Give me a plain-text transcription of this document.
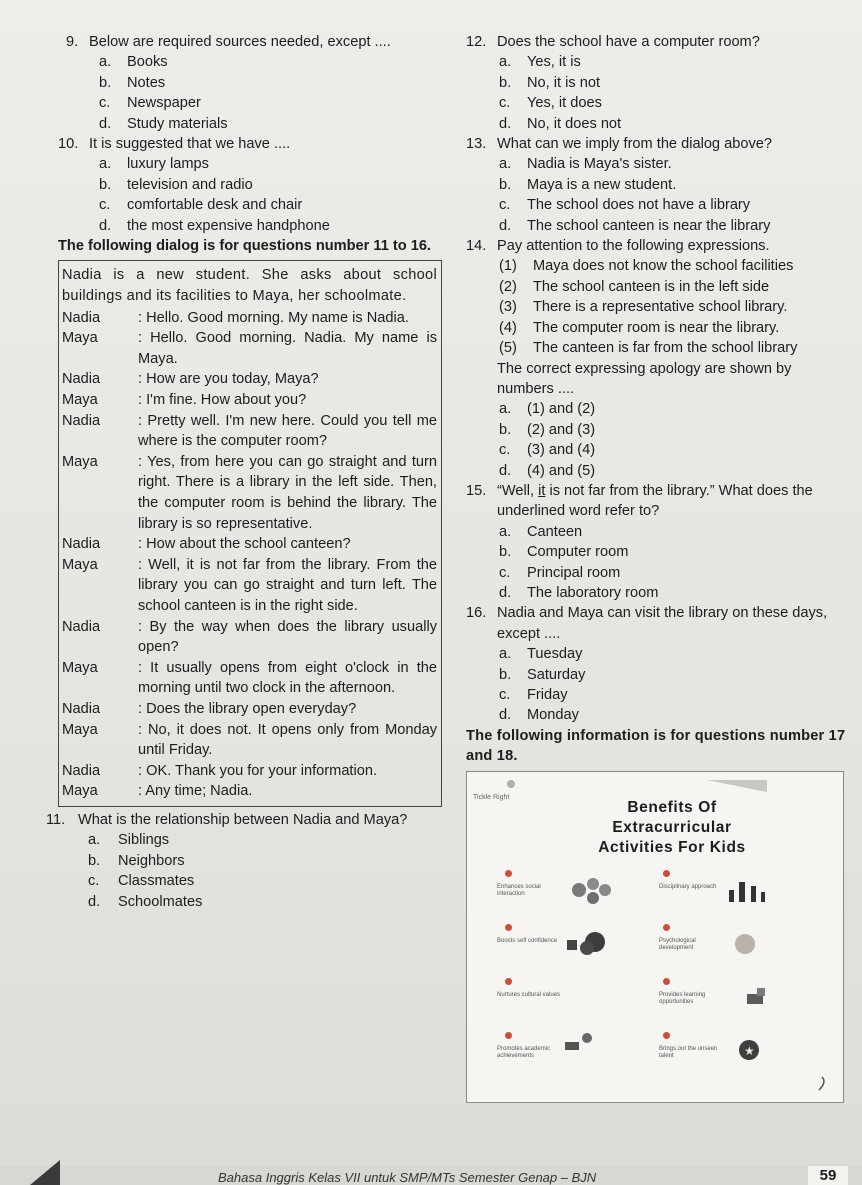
9. Below are required sources needed, except ....
a.	Books
b.	Notes
c.	Newspaper
d.	Study materials
10. It is suggested that we have ....
a.	luxury lamps
b.	television and radio
c.	comfortable desk and chair
d.	the most expensive handphone
The following dialog is for questions number 11 to 16.
Nadia is a new student. She asks about school buildings and its facilities to Maya, her schoolmate.
Nadia	: Hello. Good morning. My name is Nadia.
Maya	: Hello. Good morning. Nadia. My name is Maya.
Nadia	: How are you today, Maya?
Maya	: I'm fine. How about you?
Nadia	: Pretty well. I'm new here. Could you tell me where is the computer room?
Maya	: Yes, from here you can go straight and turn right. There is a library in the left side. Then, the computer room is behind the library. The library is so representative.
Nadia	: How about the school canteen?
Maya	: Well, it is not far from the library. From the library you can go straight and turn left. The school canteen is in the right side.
Nadia	: By the way when does the library usually open?
Maya	: It usually opens from eight o'clock in the morning until two clock in the afternoon.
Nadia	: Does the library open everyday?
Maya	: No, it does not. It opens only from Monday until Friday.
Nadia	: OK. Thank you for your information.
Maya	: Any time; Nadia.
11. What is the relationship between Nadia and Maya?
a.	Siblings
b.	Neighbors
c.	Classmates
d.	Schoolmates
12. Does the school have a computer room?
a.	Yes, it is
b.	No, it is not
c.	Yes, it does
d.	No, it does not
13. What can we imply from the dialog above?
a.	Nadia is Maya's sister.
b.	Maya is a new student.
c.	The school does not have a library
d.	The school canteen is near the library
14. Pay attention to the following expressions.
(1)	Maya does not know the school facilities
(2)	The school canteen is in the left side
(3)	There is a representative school library.
(4)	The computer room is near the library.
(5)	The canteen is far from the school library
The correct expressing apology are shown by numbers ....
a.	(1) and (2)
b.	(2) and (3)
c.	(3) and (4)
d.	(4) and (5)
15. “Well, it is not far from the library.” What does the underlined word refer to?
a.	Canteen
b.	Computer room
c.	Principal room
d.	The laboratory room
16. Nadia and Maya can visit the library on these days, except ....
a.	Tuesday
b.	Saturday
c.	Friday
d.	Monday
The following information is for questions number 17 and 18.
Tickle Right
Benefits Of
Extracurricular
Activities For Kids
★
Enhances social interaction
Disciplinary approach
Boosts self confidence	Psychological development
Nurtures cultural values	Provides learning opportunities
Promotes academic achievements
Brings out the unseen talent
Bahasa Inggris Kelas VII untuk SMP/MTs Semester Genap – BJN	59
